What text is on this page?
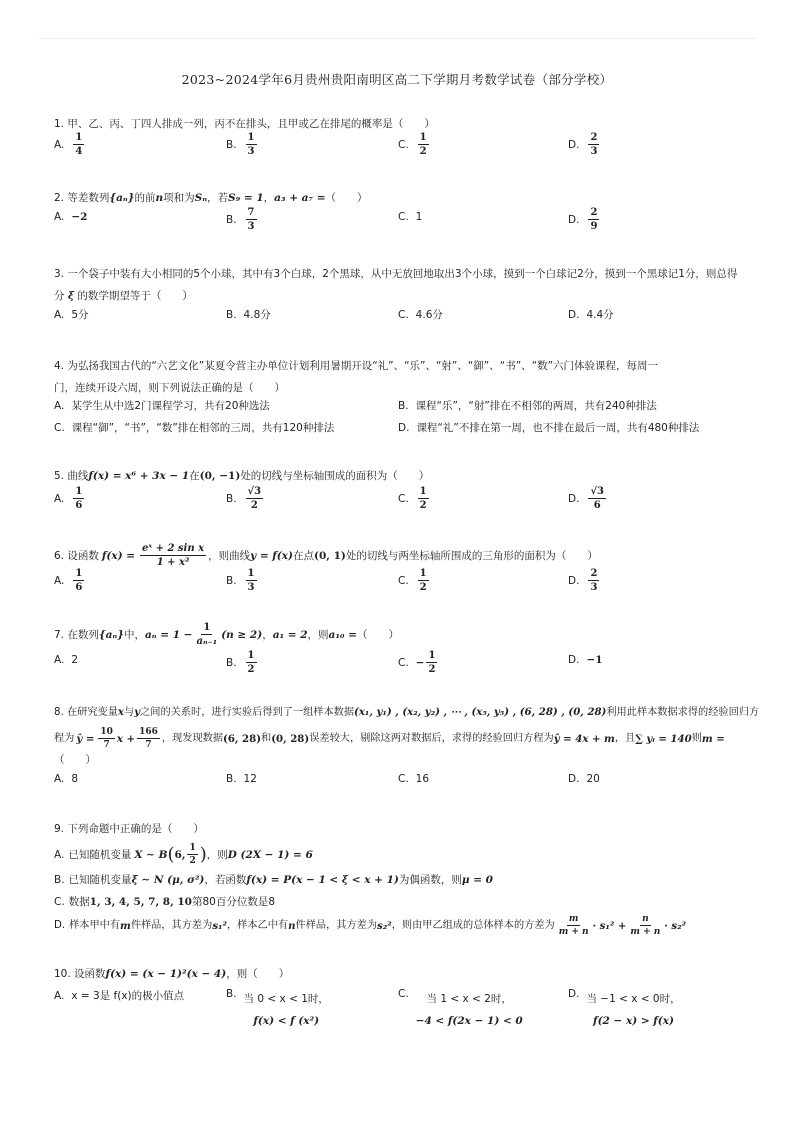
2023~2024学年6月贵州贵阳南明区高二下学期月考数学试卷（部分学校）
1. 甲、乙、丙、丁四人排成一列，丙不在排头，且甲或乙在排尾的概率是（　　）
A. $\frac{1}{4}$	B. $\frac{1}{3}$	C. $\frac{1}{2}$	D. $\frac{2}{3}$
2. 等差数列{aₙ}的前n项和为Sₙ，若S₉ = 1，a₃ + a₇ =（　　）
A. −2	B. $\frac{7}{3}$	C. 1	D. $\frac{2}{9}$
3. 一个袋子中装有大小相同的5个小球，其中有3个白球，2个黑球，从中无放回地取出3个小球，摸到一个白球记2分，摸到一个黑球记1分，则总得
分 ξ 的数学期望等于（　　）
A. 5分	B. 4.8分	C. 4.6分	D. 4.4分
4. 为弘扬我国古代的“六艺文化”某夏令营主办单位计划利用暑期开设“礼”、“乐”、“射”、“御”、“书”、“数”六门体验课程，每周一
门，连续开设六周，则下列说法正确的是（　　）
A. 某学生从中选2门课程学习，共有20种选法	B. 课程“乐”，“射”排在不相邻的两周，共有240种排法
C. 课程“御”，“书”，“数”排在相邻的三周，共有120种排法	D. 课程“礼”不排在第一周，也不排在最后一周，共有480种排法
5. 曲线f(x) = x⁶ + 3x − 1在(0, −1)处的切线与坐标轴围成的面积为（　　）
A. $\frac{1}{6}$	B. $\frac{√3}{2}$	C. $\frac{1}{2}$	D. $\frac{√3}{6}$
6. 设函数 $f(x) = \frac{\text{eˣ + 2 sin x}}{\text{1 + x²}}$ ，则曲线 y = f(x) 在点 (0, 1) 处的切线与两坐标轴所围成的三角形的面积为（　　）
A. $\frac{1}{6}$	B. $\frac{1}{3}$	C. $\frac{1}{2}$	D. $\frac{2}{3}$
7. 在数列 {aₙ} 中， $a_n = 1 - \frac{1}{\text{aₙ₋₁}} (n \ge 2)$ ， a₁ = 2 ，则 a₁₀ = （　　）
A. 2	B. $\frac{1}{2}$	C. − $\frac{1}{2}$	D. −1
8. 在研究变量x与y之间的关系时，进行实验后得到了一组样本数据(x₁, y₁) , (x₂, y₂) , ⋯ , (x₅, y₅) , (6, 28) , (0, 28)利用此样本数据求得的经验回归方
程为 ŷ = $\frac{10}{7}$ $x + \frac{166}{7}$ ，现发现数据 (6, 28) 和 (0, 28) 误差较大，剔除这两对数据后，求得的经验回归方程为 ŷ = 4x + m ，且 ∑ yᵢ = 140 则 m =
（　　）
A. 8	B. 12	C. 16	D. 20
9. 下列命题中正确的是（　　）
A. 已知随机变量 X ∼ B ( 6, $\frac{1}{2}$ ) ，则 D (2X − 1) = 6
B. 已知随机变量ξ ∼ N (μ, σ²)，若函数f(x) = P(x − 1 < ξ < x + 1)为偶函数，则μ = 0
C. 数据1, 3, 4, 5, 7, 8, 10第80百分位数是8
D. 样本甲中有 m 件样品，其方差为 s₁² ，样本乙中有 n 件样品，其方差为 s₂² ，则由甲乙组成的总体样本的方差为 $\frac{m}{m + n} \cdot s_1^2 + \frac{n}{m + n} \cdot s_2^2$
10. 设函数f(x) = (x − 1)²(x − 4)，则（　　）
A. x = 3是 f(x)的极小值点	B. 当 0 < x < 1时，
f(x) < f (x²)
C. 当 1 < x < 2时，
−4 < f(2x − 1) < 0
D. 当 −1 < x < 0时，
f(2 − x) > f(x)
